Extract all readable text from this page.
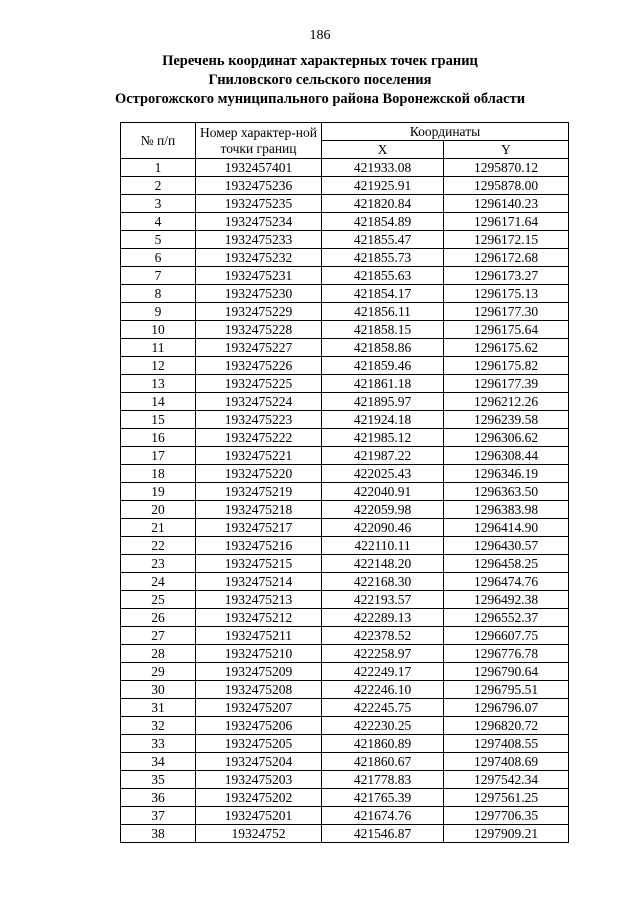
186
Перечень координат характерных точек границ
Гниловского сельского поселения
Острогожского муниципального района Воронежской области
№ п/п	Номер характер-ной точки границ	Координаты	
		X	Y
1	1932457401	421933.08	1295870.12
2	1932475236	421925.91	1295878.00
3	1932475235	421820.84	1296140.23
4	1932475234	421854.89	1296171.64
5	1932475233	421855.47	1296172.15
6	1932475232	421855.73	1296172.68
7	1932475231	421855.63	1296173.27
8	1932475230	421854.17	1296175.13
9	1932475229	421856.11	1296177.30
10	1932475228	421858.15	1296175.64
11	1932475227	421858.86	1296175.62
12	1932475226	421859.46	1296175.82
13	1932475225	421861.18	1296177.39
14	1932475224	421895.97	1296212.26
15	1932475223	421924.18	1296239.58
16	1932475222	421985.12	1296306.62
17	1932475221	421987.22	1296308.44
18	1932475220	422025.43	1296346.19
19	1932475219	422040.91	1296363.50
20	1932475218	422059.98	1296383.98
21	1932475217	422090.46	1296414.90
22	1932475216	422110.11	1296430.57
23	1932475215	422148.20	1296458.25
24	1932475214	422168.30	1296474.76
25	1932475213	422193.57	1296492.38
26	1932475212	422289.13	1296552.37
27	1932475211	422378.52	1296607.75
28	1932475210	422258.97	1296776.78
29	1932475209	422249.17	1296790.64
30	1932475208	422246.10	1296795.51
31	1932475207	422245.75	1296796.07
32	1932475206	422230.25	1296820.72
33	1932475205	421860.89	1297408.55
34	1932475204	421860.67	1297408.69
35	1932475203	421778.83	1297542.34
36	1932475202	421765.39	1297561.25
37	1932475201	421674.76	1297706.35
38	19324752	421546.87	1297909.21
